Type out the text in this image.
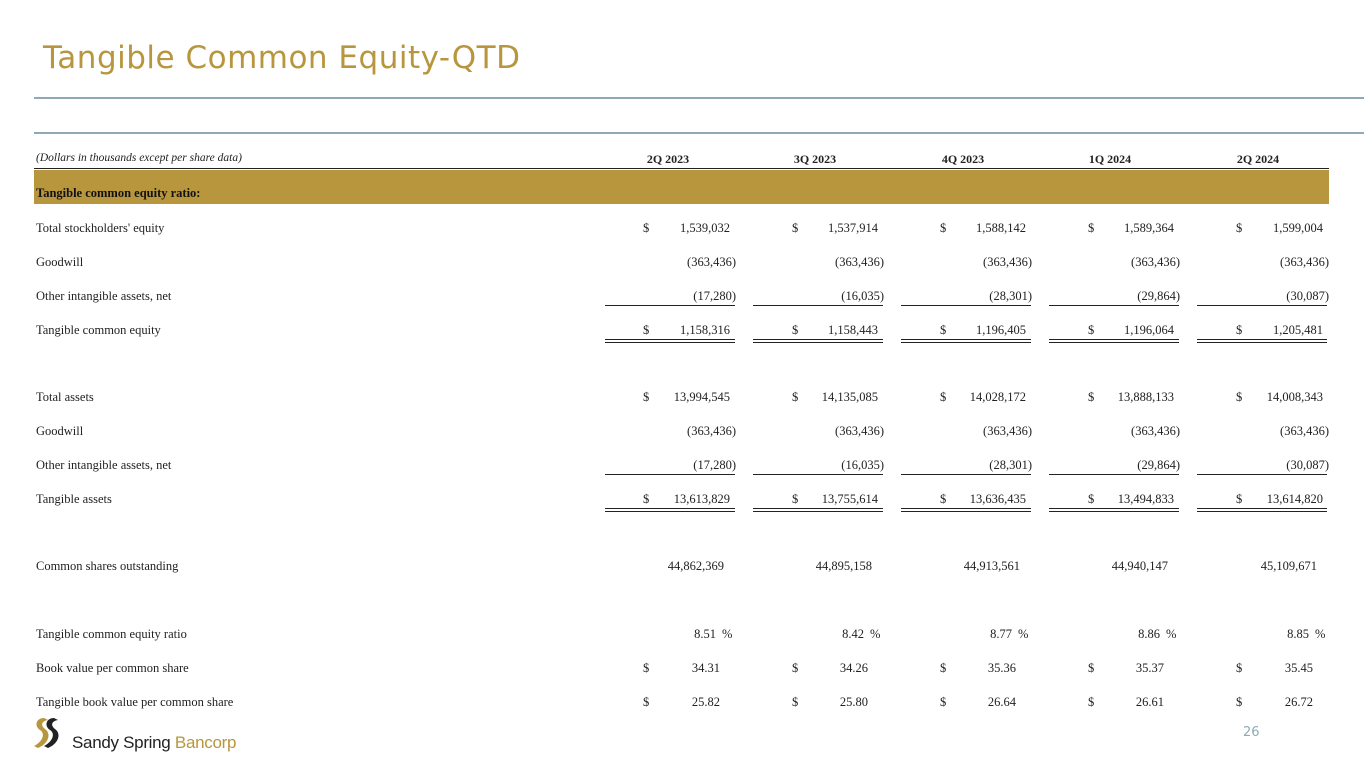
Tangible Common Equity-QTD
(Dollars in thousands except per share data)	2Q 2023	3Q 2023	4Q 2023	1Q 2024	2Q 2024
Tangible common equity ratio:
Total stockholders' equity	$	1,539,032	$	1,537,914	$	1,588,142	$	1,589,364	$	1,599,004
Goodwill	(363,436)	(363,436)	(363,436)	(363,436)	(363,436)
Other intangible assets, net	(17,280)	(16,035)	(28,301)	(29,864)	(30,087)
Tangible common equity	$	1,158,316	$	1,158,443	$	1,196,405	$	1,196,064	$	1,205,481
Total assets	$	13,994,545	$	14,135,085	$	14,028,172	$	13,888,133	$	14,008,343
Goodwill	(363,436)	(363,436)	(363,436)	(363,436)	(363,436)
Other intangible assets, net	(17,280)	(16,035)	(28,301)	(29,864)	(30,087)
Tangible assets	$	13,613,829	$	13,755,614	$	13,636,435	$	13,494,833	$	13,614,820
Common shares outstanding	44,862,369	44,895,158	44,913,561	44,940,147	45,109,671
Tangible common equity ratio	8.51 %	8.42 %	8.77 %	8.86 %	8.85 %
Book value per common share	$	34.31	$	34.26	$	35.36	$	35.37	$	35.45
Tangible book value per common share	$	25.82	$	25.80	$	26.64	$	26.61	$	26.72
Sandy Spring Bancorp
26
